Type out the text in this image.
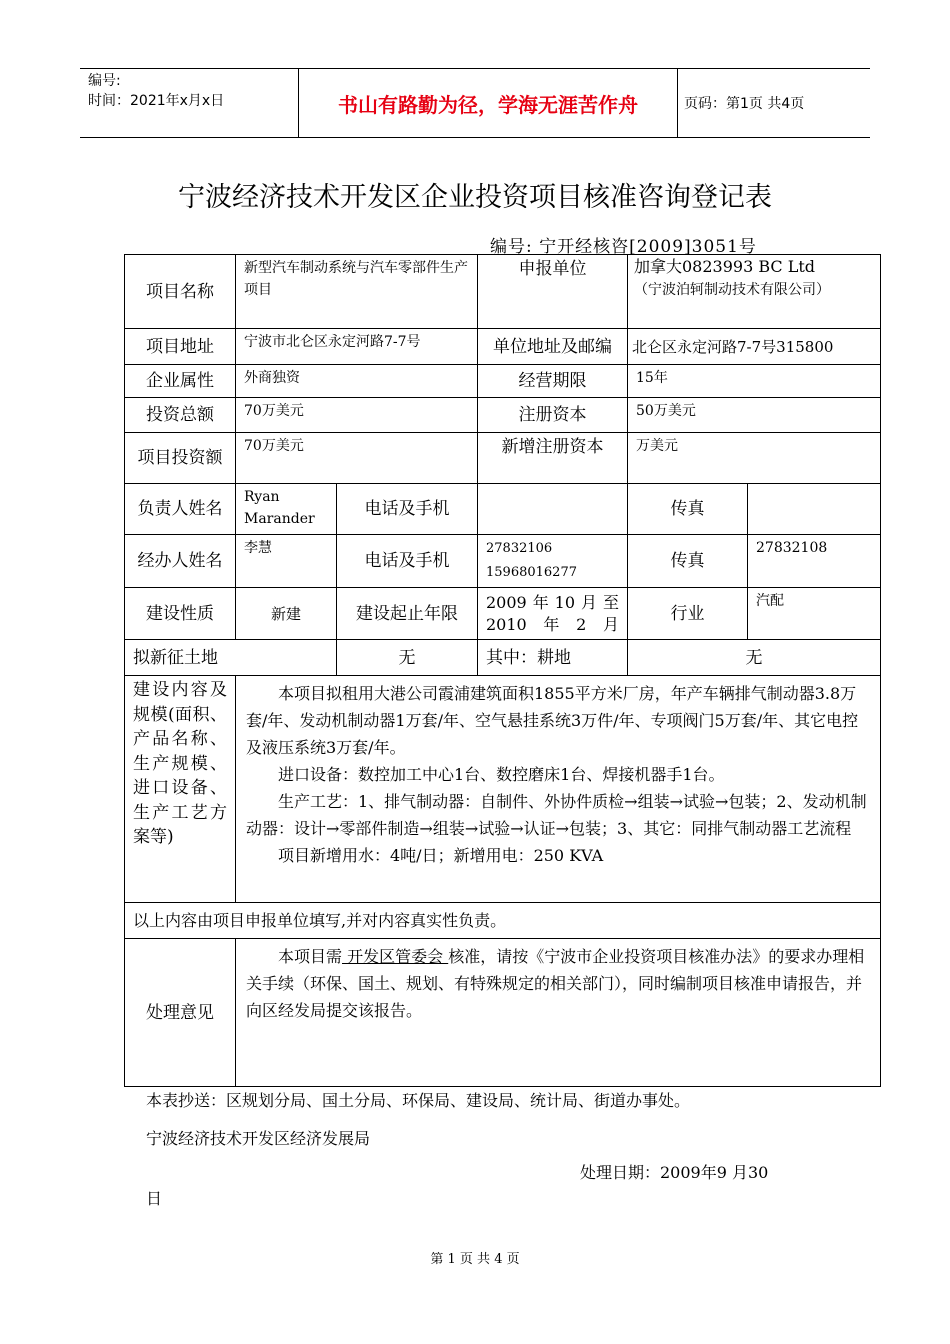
编号:
时间：2021年x月x日	书山有路勤为径，学海无涯苦作舟	页码：第1页 共4页
宁波经济技术开发区企业投资项目核准咨询登记表
编号: 宁开经核咨[2009]3051号
项目名称	新型汽车制动系统与汽车零部件生产项目		申报单位	加拿大0823993 BC Ltd
（宁波泊轲制动技术有限公司）	

项目地址	宁波市北仑区永定河路7-7号		单位地址及邮编	北仑区永定河路7-7号315800	
企业属性	外商独资		经营期限	15年	
投资总额	70万美元		注册资本	50万美元	
项目投资额	70万美元		新增注册资本	万美元	
负责人姓名	Ryan Marander	电话及手机		传真	
经办人姓名	李慧	电话及手机	27832106 15968016277	传真	27832108
建设性质	新建	建设起止年限	2009年10月至2010年2月	行业	汽配
拟新征土地		无	其中：耕地	无	
建设内容及规模(面积、产品名称、生产规模、进口设备、生产工艺方案等)	本项目拟租用大港公司霞浦建筑面积1855平方米厂房，年产车辆排气制动器3.8万套/年、发动机制动器1万套/年、空气悬挂系统3万件/年、专项阀门5万套/年、其它电控及液压系统3万套/年。

进口设备：数控加工中心1台、数控磨床1台、焊接机器手1台。

生产工艺：1、排气制动器：自制件、外协件质检→组装→试验→包装；2、发动机制动器：设计→零部件制造→组装→试验→认证→包装；3、其它：同排气制动器工艺流程

项目新增用水：4吨/日；新增用电：250 KVA				

以上内容由项目申报单位填写,并对内容真实性负责。					
处理意见	本项目需 开发区管委会 核准，请按《宁波市企业投资项目核准办法》的要求办理相关手续（环保、国土、规划、有特殊规定的相关部门），同时编制项目核准申请报告，并向区经发局提交该报告。				

本表抄送：区规划分局、国土分局、环保局、建设局、统计局、街道办事处。
宁波经济技术开发区经济发展局
处理日期：2009年9 月30
日
第 1 页 共 4 页
